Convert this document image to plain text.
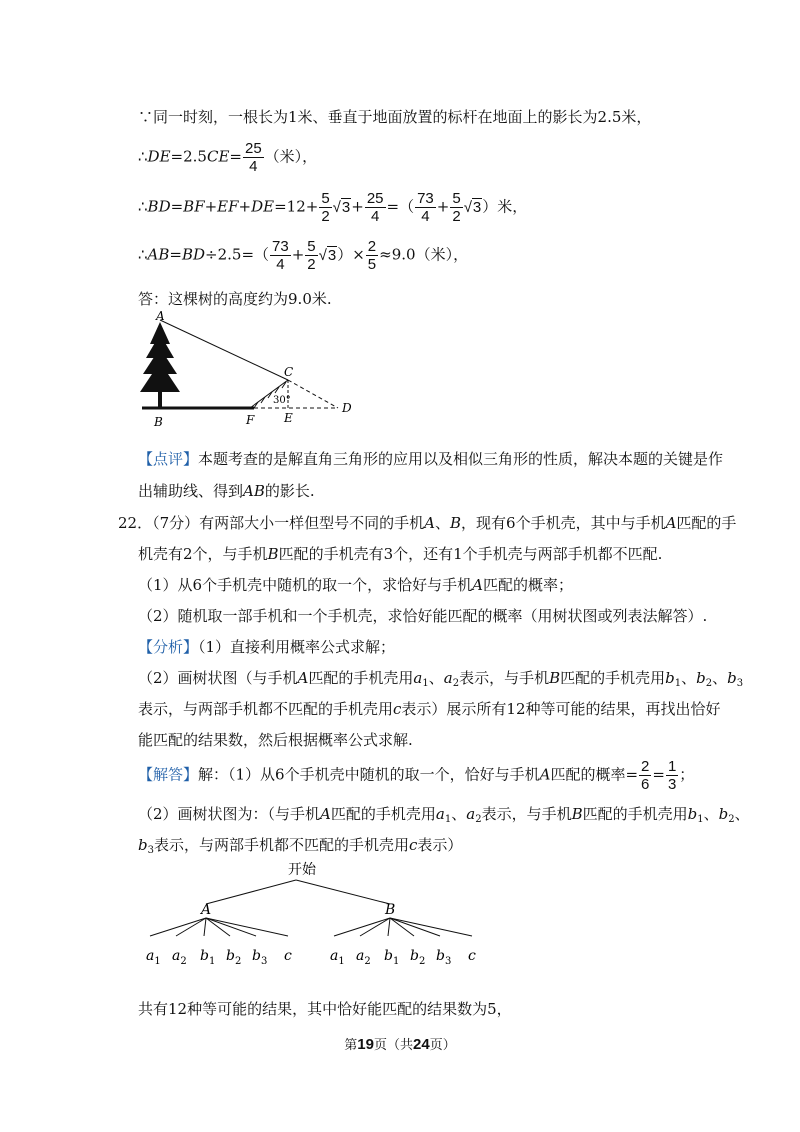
∵同一时刻，一根长为1米、垂直于地面放置的标杆在地面上的影长为2.5米，
∴DE=2.5CE= $\frac{25}{4}$ （米），
∴BD=BF+EF+DE=12+ $\frac{5}{2} √3+ \frac{25}{4}$ =（ $\frac{73}{4} + \frac{5}{2} √3$）米，
∴AB=BD÷2.5=（ $\frac{73}{4} + \frac{5}{2} √3)\times \frac{2}{5} \approx 9.0$（米），
答：这棵树的高度约为9.0米.
A
B
C
D
E
F
30°
【点评】本题考查的是解直角三角形的应用以及相似三角形的性质，解决本题的关键是作
出辅助线、得到AB的影长.
22．（7分）有两部大小一样但型号不同的手机A、B，现有6个手机壳，其中与手机A匹配的手
机壳有2个，与手机B匹配的手机壳有3个，还有1个手机壳与两部手机都不匹配.
（1）从6个手机壳中随机的取一个，求恰好与手机A匹配的概率；
（2）随机取一部手机和一个手机壳，求恰好能匹配的概率（用树状图或列表法解答）.
【分析】（1）直接利用概率公式求解；
（2）画树状图（与手机A匹配的手机壳用$a_1$、$a_2$表示，与手机B匹配的手机壳用$b_1$、$b_2$、$b_3$
表示，与两部手机都不匹配的手机壳用c表示）展示所有12种等可能的结果，再找出恰好
能匹配的结果数，然后根据概率公式求解.
【解答】解：（1）从6个手机壳中随机的取一个，恰好与手机A匹配的概率= $\frac{2}{6} = \frac{1}{3}$ ；
（2）画树状图为：（与手机A匹配的手机壳用$a_1$、$a_2$表示，与手机B匹配的手机壳用$b_1$、$b_2$、
$b_3$表示，与两部手机都不匹配的手机壳用c表示）
开始
A
$a_1$ $a_2$ $b_1$ $b_2$ $b_3$ c
B
$a_1$ $a_2$ $b_1$ $b_2$ $b_3$ c
共有12种等可能的结果，其中恰好能匹配的结果数为5，
第19页（共24页）
